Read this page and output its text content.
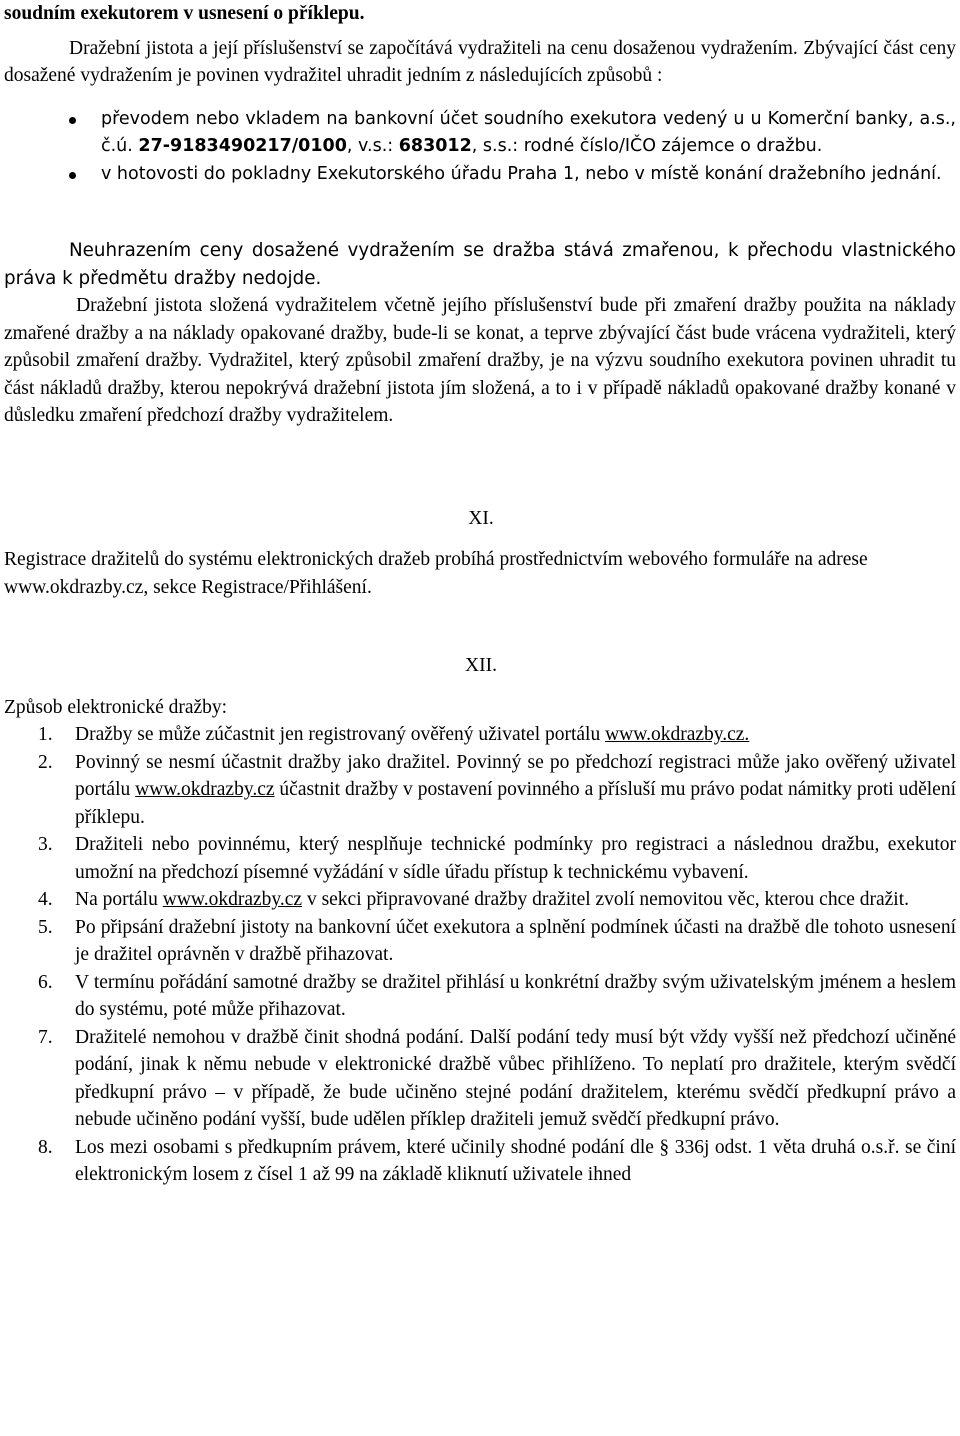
soudním exekutorem v usnesení o příklepu.

Dražební jistota a její příslušenství se započítává vydražiteli na cenu dosaženou vydražením. Zbývající část ceny dosažené vydražením je povinen vydražitel uhradit jedním z následujících způsobů :

převodem nebo vkladem na bankovní účet soudního exekutora vedený u u Komerční banky, a.s., č.ú. 27-9183490217/0100, v.s.: 683012, s.s.: rodné číslo/IČO zájemce o dražbu.
v hotovosti do pokladny Exekutorského úřadu Praha 1, nebo v místě konání dražebního jednání.

Neuhrazením ceny dosažené vydražením se dražba stává zmařenou, k přechodu vlastnického práva k předmětu dražby nedojde.

Dražební jistota složená vydražitelem včetně jejího příslušenství bude při zmaření dražby použita na náklady zmařené dražby a na náklady opakované dražby, bude-li se konat, a teprve zbývající část bude vrácena vydražiteli, který způsobil zmaření dražby. Vydražitel, který způsobil zmaření dražby, je na výzvu soudního exekutora povinen uhradit tu část nákladů dražby, kterou nepokrývá dražební jistota jím složená, a to i v případě nákladů opakované dražby konané v důsledku zmaření předchozí dražby vydražitelem.

XI.

Registrace dražitelů do systému elektronických dražeb probíhá prostřednictvím webového formuláře na adrese www.okdrazby.cz, sekce Registrace/Přihlášení.

XII.

Způsob elektronické dražby:

1. Dražby se může zúčastnit jen registrovaný ověřený uživatel portálu www.okdrazby.cz.
2. Povinný se nesmí účastnit dražby jako dražitel. Povinný se po předchozí registraci může jako ověřený uživatel portálu www.okdrazby.cz účastnit dražby v postavení povinného a přísluší mu právo podat námitky proti udělení příklepu.
3. Dražiteli nebo povinnému, který nesplňuje technické podmínky pro registraci a následnou dražbu, exekutor umožní na předchozí písemné vyžádání v sídle úřadu přístup k technickému vybavení.
4. Na portálu www.okdrazby.cz v sekci připravované dražby dražitel zvolí nemovitou věc, kterou chce dražit.
5. Po připsání dražební jistoty na bankovní účet exekutora a splnění podmínek účasti na dražbě dle tohoto usnesení je dražitel oprávněn v dražbě přihazovat.
6. V termínu pořádání samotné dražby se dražitel přihlásí u konkrétní dražby svým uživatelským jménem a heslem do systému, poté může přihazovat.
7. Dražitelé nemohou v dražbě činit shodná podání. Další podání tedy musí být vždy vyšší než předchozí učiněné podání, jinak k němu nebude v elektronické dražbě vůbec přihlíženo. To neplatí pro dražitele, kterým svědčí předkupní právo – v případě, že bude učiněno stejné podání dražitelem, kterému svědčí předkupní právo a nebude učiněno podání vyšší, bude udělen příklep dražiteli jemuž svědčí předkupní právo.
8. Los mezi osobami s předkupním právem, které učinily shodné podání dle § 336j odst. 1 věta druhá o.s.ř. se činí elektronickým losem z čísel 1 až 99 na základě kliknutí uživatele ihned
